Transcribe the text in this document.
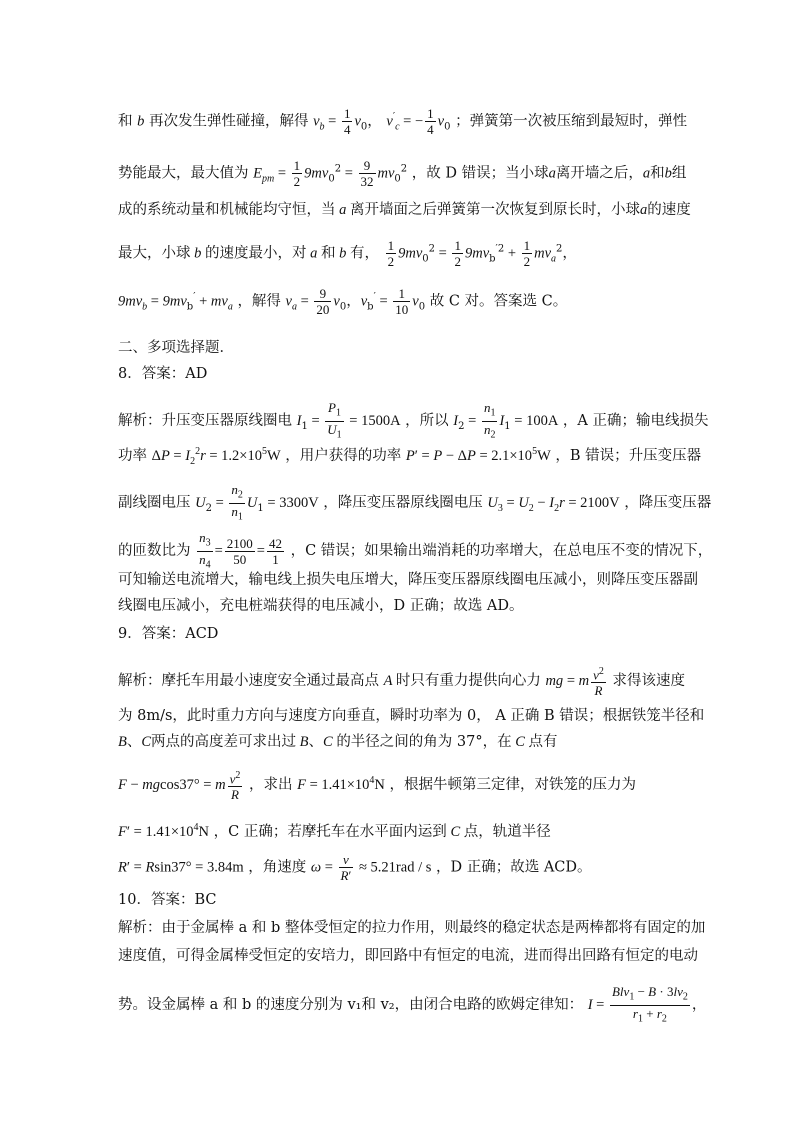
和 b 再次发生弹性碰撞，解得 $v_b = \frac{1}{4} v_0$， $v'_c$ = − $\frac{1}{4} v_0$ ；弹簧第一次被压缩到最短时，弹性
势能最大，最大值为 $E_{pm} = \frac{1}{2} 9mv_0^2 = \frac{9}{32} mv_0^2$ ，故 D 错误；当小球a离开墙之后，a和b组
成的系统动量和机械能均守恒，当 a 离开墙面之后弹簧第一次恢复到原长时，小球a的速度
最大，小球 b 的速度最小，对 a 和 b 有， $\frac{1}{2} 9mv_0^2 = \frac{1}{2} 9mv_b^{'2} + \frac{1}{2} mv_a^2$，
$9mv_b = 9mv_b' + mv_a$ ，解得 $v_a = \frac{9}{20} v_0$，$v_b' = \frac{1}{10} v_0$ 故 C 对。答案选 C。
二、多项选择题．
8．答案：AD
解析：升压变压器原线圈电 $I_1 = \frac{P_1}{U_1} = 1500A$ ，所以 $I_2 = \frac{n_1}{n_2} I_1 = 100A$ ，A 正确；输电线损失
功率 $\Delta P = I_2^2r = 1.2\times 10^5W$ ，用户获得的功率 $P' = P - \Delta P = 2.1\times 10^5W$ ，B 错误；升压变压器
副线圈电压 $U_2 = \frac{n_2}{n_1} U_1 = 3300V$ ，降压变压器原线圈电压 $U_3 = U_2 - I_2r = 2100V$ ，降压变压器
的匝数比为 $\frac{n_3}{n_4} = \frac{2100}{50} = \frac{42}{1}$ ，C 错误；如果输出端消耗的功率增大，在总电压不变的情况下，
可知输送电流增大，输电线上损失电压增大，降压变压器原线圈电压减小，则降压变压器副
线圈电压减小，充电桩端获得的电压减小，D 正确；故选 AD。
9．答案：ACD
解析：摩托车用最小速度安全通过最高点 A 时只有重力提供向心力 mg = m $\frac{v^2}{R}$ 求得该速度
为 8m/s，此时重力方向与速度方向垂直，瞬时功率为 0， A 正确 B 错误；根据铁笼半径和
B、C两点的高度差可求出过 B、C 的半径之间的角为 37°，在 C 点有
F − mgcos37° = m $\frac{v^2}{R}$ ，求出 $F = 1.41\times 10^4N$ ，根据牛顿第三定律，对铁笼的压力为
$F' = 1.41\times 10^4N$ ，C 正确；若摩托车在水平面内运到 C 点，轨道半径
R′ = Rsin37° = 3.84m ，角速度 $\omega = \frac{v}{R'} \approx 5.21rad / s$ ，D 正确；故选 ACD。
10．答案：BC
解析：由于金属棒 a 和 b 整体受恒定的拉力作用，则最终的稳定状态是两棒都将有固定的加
速度值，可得金属棒受恒定的安培力，即回路中有恒定的电流，进而得出回路有恒定的电动
势。设金属棒 a 和 b 的速度分别为 v₁和 v₂，由闭合电路的欧姆定律知： $I = \frac{Blv_1 - B \cdot 3lv_2}{r_1 + r_2}$ ，
